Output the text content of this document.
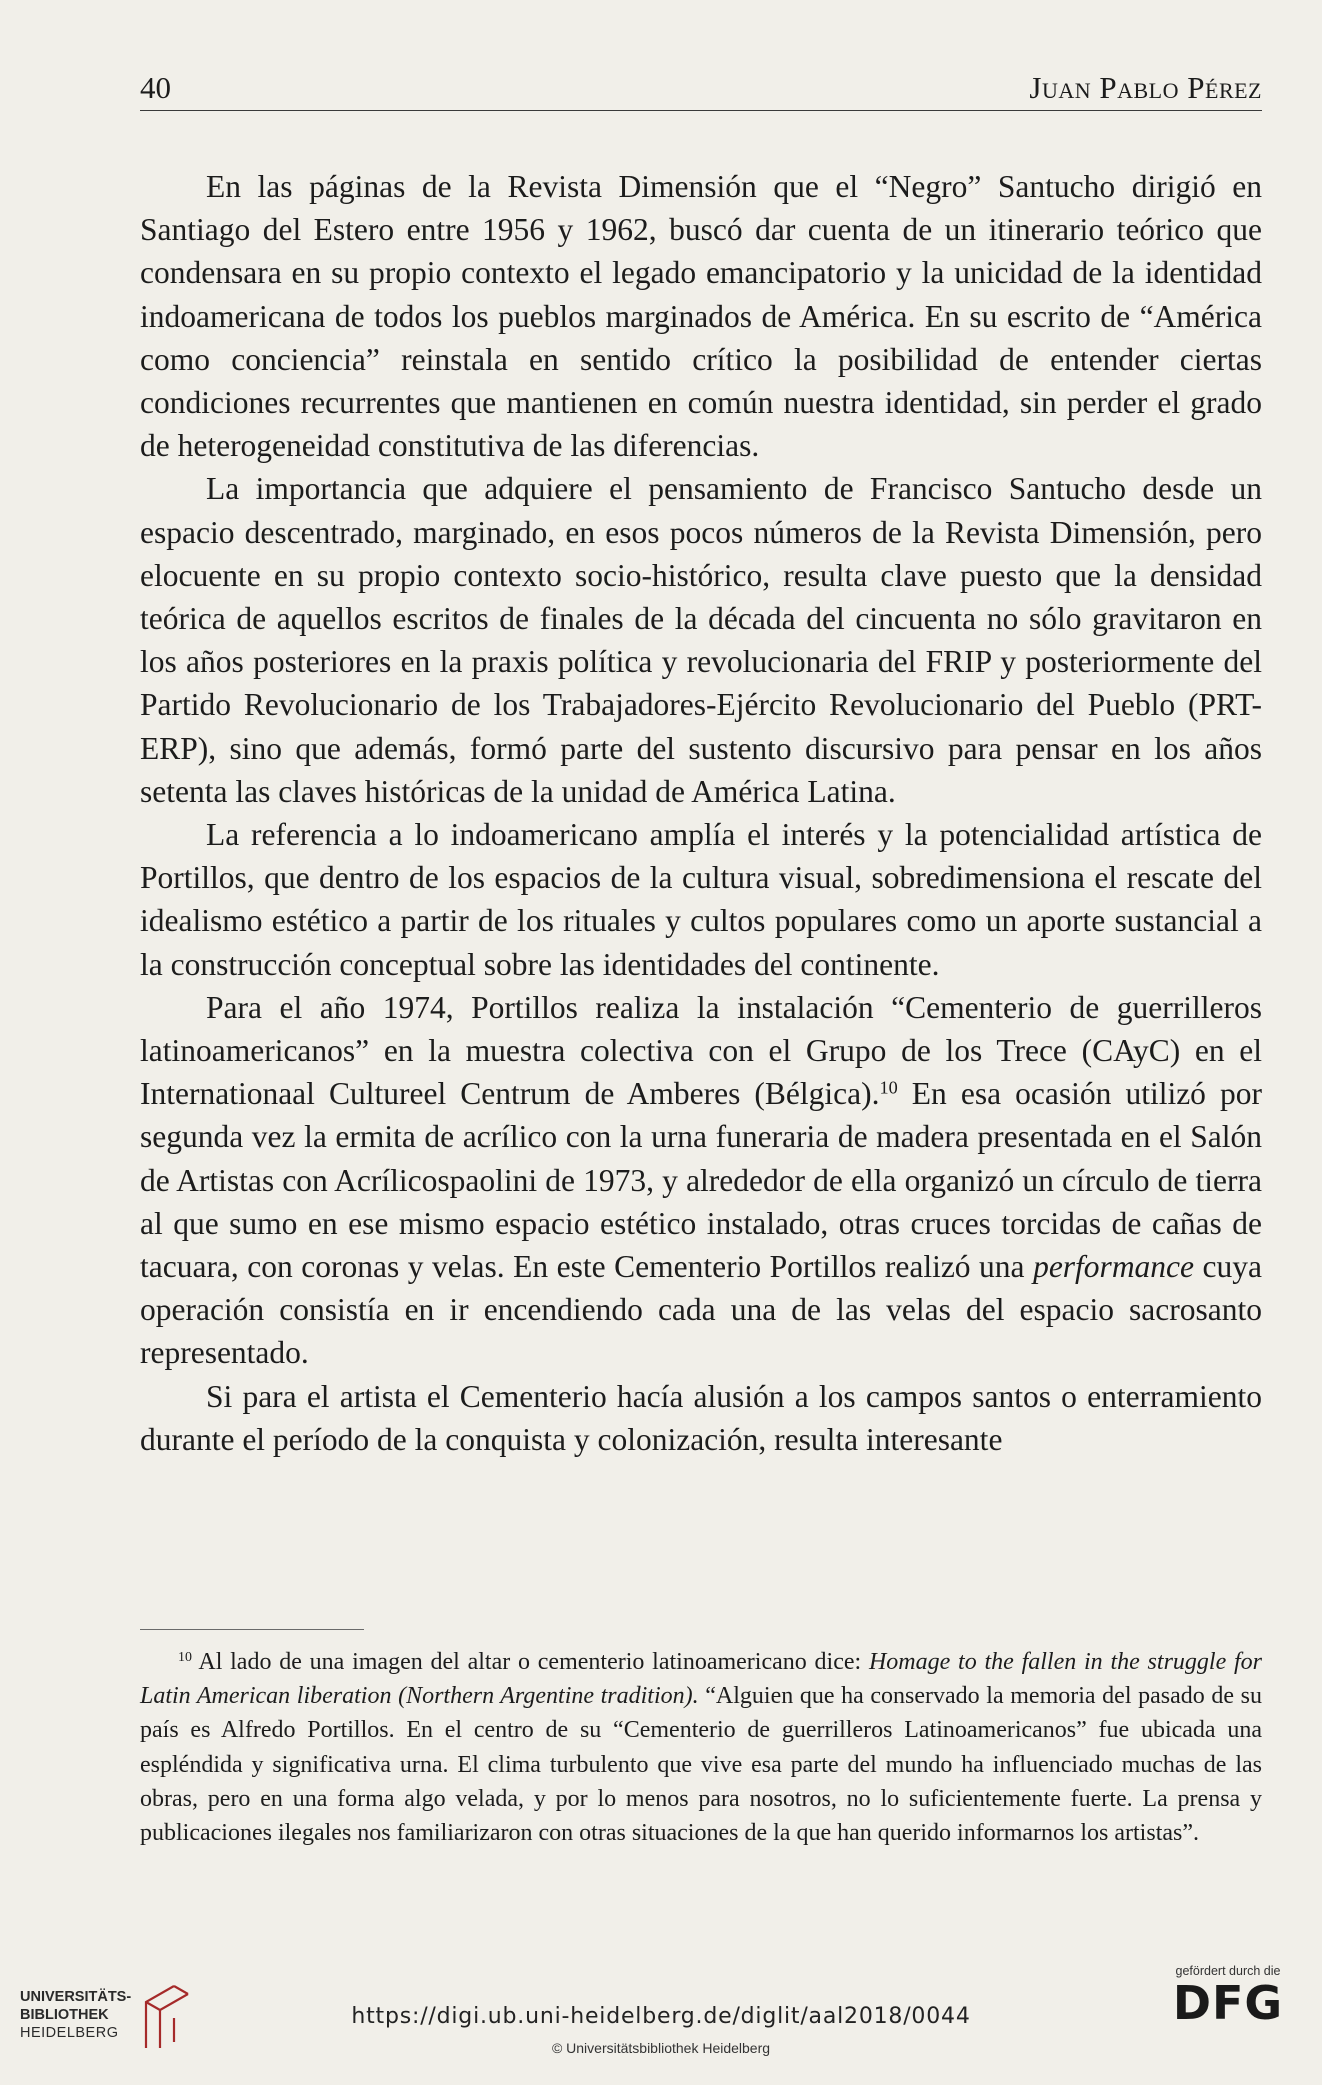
40	Juan Pablo Pérez

En las páginas de la Revista Dimensión que el “Negro” Santucho dirigió en Santiago del Estero entre 1956 y 1962, buscó dar cuenta de un itinerario teórico que condensara en su propio contexto el legado emancipatorio y la unicidad de la identidad indoamericana de todos los pueblos marginados de América. En su escrito de “América como conciencia” reinstala en sentido crítico la posibilidad de entender ciertas condiciones recurrentes que mantienen en común nuestra identidad, sin perder el grado de heterogeneidad constitutiva de las diferencias.

La importancia que adquiere el pensamiento de Francisco Santucho desde un espacio descentrado, marginado, en esos pocos números de la Revista Dimensión, pero elocuente en su propio contexto socio-histórico, resulta clave puesto que la densidad teórica de aquellos escritos de finales de la década del cincuenta no sólo gravitaron en los años posteriores en la praxis política y revolucionaria del FRIP y posteriormente del Partido Revolucionario de los Trabajadores-Ejército Revolucionario del Pueblo (PRT-ERP), sino que además, formó parte del sustento discursivo para pensar en los años setenta las claves históricas de la unidad de América Latina.

La referencia a lo indoamericano amplía el interés y la potencialidad artística de Portillos, que dentro de los espacios de la cultura visual, sobredimensiona el rescate del idealismo estético a partir de los rituales y cultos populares como un aporte sustancial a la construcción conceptual sobre las identidades del continente.

Para el año 1974, Portillos realiza la instalación “Cementerio de guerrilleros latinoamericanos” en la muestra colectiva con el Grupo de los Trece (CAyC) en el Internationaal Cultureel Centrum de Amberes (Bélgica).$^{10}$ En esa ocasión utilizó por segunda vez la ermita de acrílico con la urna funeraria de madera presentada en el Salón de Artistas con Acrílicospaolini de 1973, y alrededor de ella organizó un círculo de tierra al que sumo en ese mismo espacio estético instalado, otras cruces torcidas de cañas de tacuara, con coronas y velas. En este Cementerio Portillos realizó una performance cuya operación consistía en ir encendiendo cada una de las velas del espacio sacrosanto representado.

Si para el artista el Cementerio hacía alusión a los campos santos o enterramiento durante el período de la conquista y colonización, resulta interesante

$^{10}$ Al lado de una imagen del altar o cementerio latinoamericano dice: Homage to the fallen in the struggle for Latin American liberation (Northern Argentine tradition). “Alguien que ha conservado la memoria del pasado de su país es Alfredo Portillos. En el centro de su “Cementerio de guerrilleros Latinoamericanos” fue ubicada una espléndida y significativa urna. El clima turbulento que vive esa parte del mundo ha influenciado muchas de las obras, pero en una forma algo velada, y por lo menos para nosotros, no lo suficientemente fuerte. La prensa y publicaciones ilegales nos familiarizaron con otras situaciones de la que han querido informarnos los artistas”.
UNIVERSITÄTS-
BIBLIOTHEK
HEIDELBERG
https://digi.ub.uni-heidelberg.de/diglit/aal2018/0044
© Universitätsbibliothek Heidelberg
gefördert durch die
DFG
